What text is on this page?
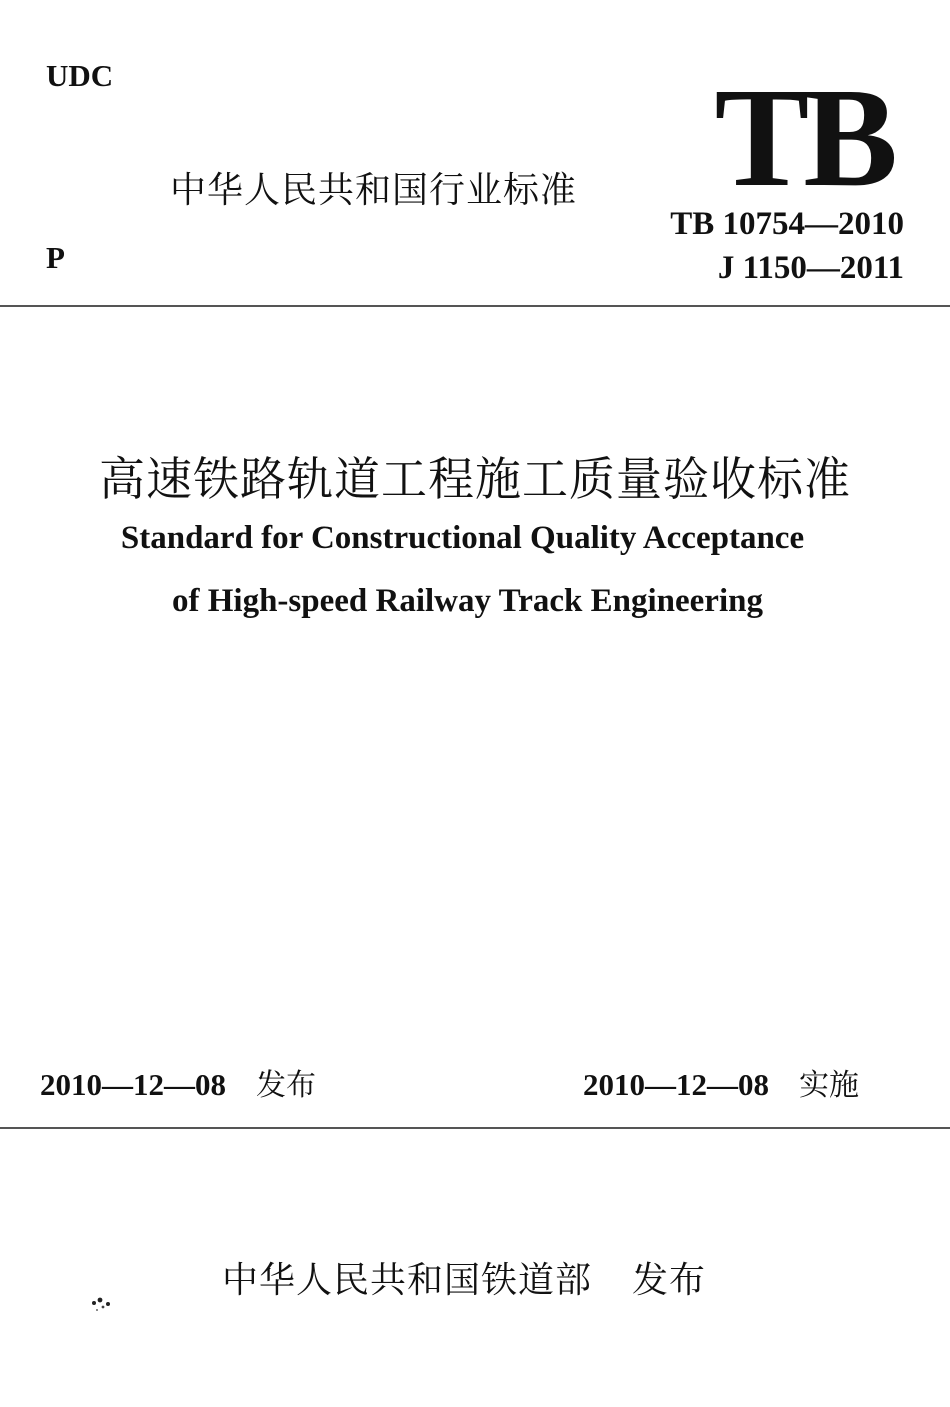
UDC
P
中华人民共和国行业标准 TB
TB 10754—2010
J 1150—2011
高速铁路轨道工程施工质量验收标准
Standard for Constructional Quality Acceptance
of High-speed Railway Track Engineering
2010—12—08 发布	2010—12—08 实施
中华人民共和国铁道部 发布
